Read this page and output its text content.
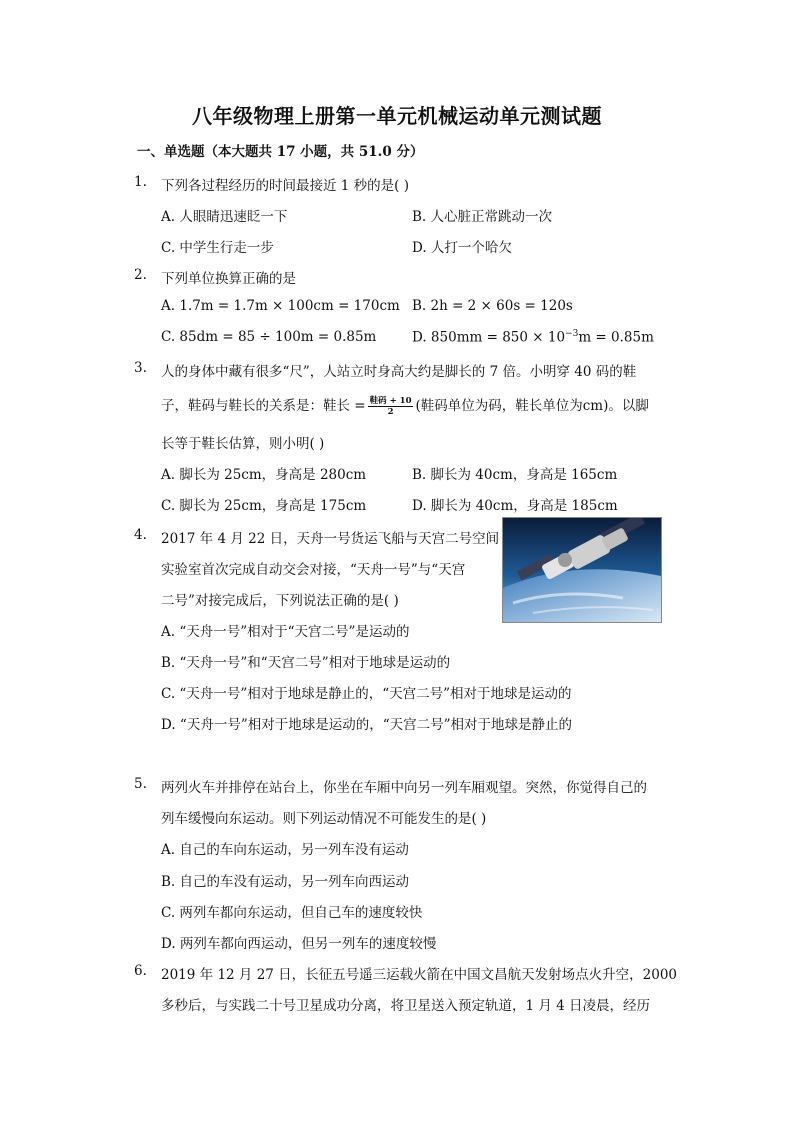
八年级物理上册第一单元机械运动单元测试题
一、单选题（本大题共 17 小题，共 51.0 分）
1. 下列各过程经历的时间最接近 1 秒的是( )
A. 人眼睛迅速眨一下	B. 人心脏正常跳动一次
C. 中学生行走一步	D. 人打一个哈欠
2. 下列单位换算正确的是
A. 1.7m = 1.7m × 100cm = 170cm B. 2h = 2 × 60s = 120s
C. 85dm = 85 ÷ 100m = 0.85m	D. $850mm = 850 \times 10^{-3}m = 0.85m$
3. 人的身体中藏有很多“尺”，人站立时身高大约是脚长的 7 倍。小明穿 40 码的鞋
子，鞋码与鞋长的关系是：鞋长 = $\frac{\text{鞋码 + 10}}{2}$ (鞋码单位为码，鞋长单位为cm)。以脚
长等于鞋长估算，则小明( )
A. 脚长为 25cm，身高是 280cm	B. 脚长为 40cm，身高是 165cm
C. 脚长为 25cm，身高是 175cm	D. 脚长为 40cm，身高是 185cm
4. 2017 年 4 月 22 日，天舟一号货运飞船与天宫二号空间
实验室首次完成自动交会对接，“天舟一号”与“天宫
二号”对接完成后，下列说法正确的是( )
A. “天舟一号”相对于“天宫二号”是运动的
B. “天舟一号”和“天宫二号”相对于地球是运动的
C. “天舟一号”相对于地球是静止的，“天宫二号”相对于地球是运动的
D. “天舟一号”相对于地球是运动的，“天宫二号”相对于地球是静止的
5. 两列火车并排停在站台上，你坐在车厢中向另一列车厢观望。突然，你觉得自己的
列车缓慢向东运动。则下列运动情况不可能发生的是( )
A. 自己的车向东运动，另一列车没有运动
B. 自己的车没有运动，另一列车向西运动
C. 两列车都向东运动，但自己车的速度较快
D. 两列车都向西运动，但另一列车的速度较慢
6. 2019 年 12 月 27 日，长征五号遥三运载火箭在中国文昌航天发射场点火升空，2000
多秒后，与实践二十号卫星成功分离，将卫星送入预定轨道，1 月 4 日凌晨，经历
